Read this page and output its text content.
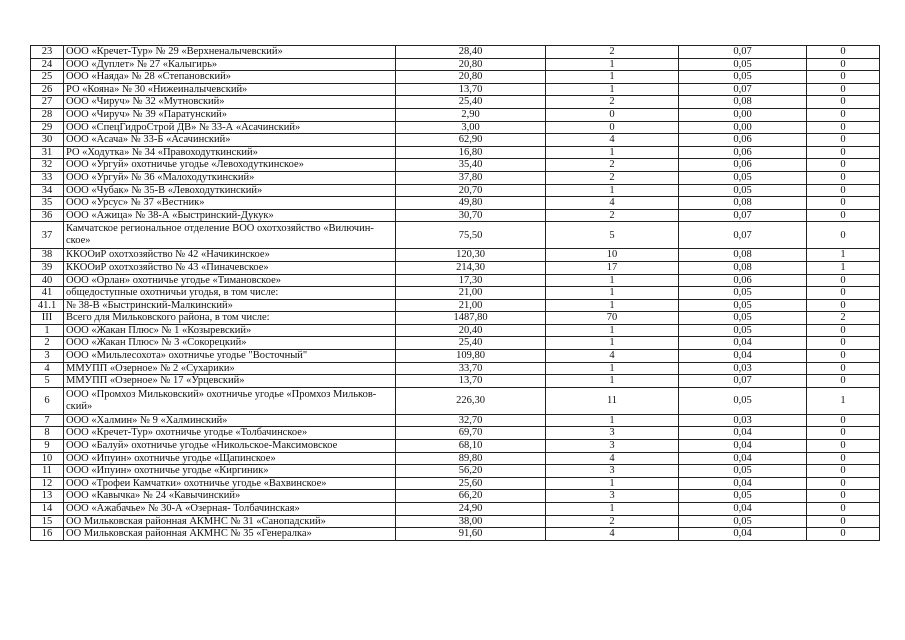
23	ООО «Кречет-Тур» № 29 «Верхненалычевский»	28,40	2	0,07	0
24	ООО «Дуплет» № 27 «Калыгирь»	20,80	1	0,05	0
25	ООО «Наяда» № 28 «Степановский»	20,80	1	0,05	0
26	РО «Кояна» № 30 «Нижеиналычевский»	13,70	1	0,07	0
27	ООО «Чируч» № 32 «Мутновский»	25,40	2	0,08	0
28	ООО «Чируч» № 39 «Паратунский»	2,90	0	0,00	0
29	ООО «СпецГидроСтрой ДВ» № 33-А «Асачинский»	3,00	0	0,00	0
30	ООО «Асача» № 33-Б «Асачинский»	62,90	4	0,06	0
31	РО «Ходутка» № 34 «Правоходуткинский»	16,80	1	0,06	0
32	ООО «Ургуй» охотничье угодье «Левоходуткинское»	35,40	2	0,06	0
33	ООО «Ургуй» № 36 «Малоходуткинский»	37,80	2	0,05	0
34	ООО «Чубак» № 35-В «Левоходуткинский»	20,70	1	0,05	0
35	ООО «Урсус» № 37 «Вестник»	49,80	4	0,08	0
36	ООО «Ажица» № 38-А «Быстринский-Дукук»	30,70	2	0,07	0
37	Камчатское региональное отделение ВОО охотхозяйство «Вилючин-ское»	75,50	5	0,07	0
38	ККООиР охотхозяйство № 42 «Начикинское»	120,30	10	0,08	1
39	ККООиР охотхозяйство № 43 «Пиначевское»	214,30	17	0,08	1
40	ООО «Орлан» охотничье угодье «Тимановское»	17,30	1	0,06	0
41	общедоступные охотничьи угодья, в том числе:	21,00	1	0,05	0
41.1	№ 38-В «Быстринский-Малкинский»	21,00	1	0,05	0
III	Всего для Мильковского района, в том числе:	1487,80	70	0,05	2
1	ООО «Жакан Плюс» № 1 «Козыревский»	20,40	1	0,05	0
2	ООО «Жакан Плюс» № 3 «Сокорецкий»	25,40	1	0,04	0
3	ООО «Мильлесохота» охотничье угодье "Восточный"	109,80	4	0,04	0
4	ММУПП «Озерное» № 2 «Сухарики»	33,70	1	0,03	0
5	ММУПП «Озерное» № 17 «Урцевский»	13,70	1	0,07	0
6	ООО «Промхоз Мильковский» охотничье угодье «Промхоз Мильков-ский»	226,30	11	0,05	1
7	ООО «Халмин» № 9 «Халминский»	32,70	1	0,03	0
8	ООО «Кречет-Тур» охотничье угодье «Толбачинское»	69,70	3	0,04	0
9	ООО «Балуй» охотничье угодье «Никольское-Максимовское	68,10	3	0,04	0
10	ООО «Ипуин» охотничье угодье «Щапинское»	89,80	4	0,04	0
11	ООО «Ипуин» охотничье угодье «Киргиник»	56,20	3	0,05	0
12	ООО «Трофеи Камчатки» охотничье угодье «Вахвинское»	25,60	1	0,04	0
13	ООО «Кавычка» № 24 «Кавычинский»	66,20	3	0,05	0
14	ООО «Ажабачье» № 30-А «Озерная- Толбачинская»	24,90	1	0,04	0
15	ОО Мильковская районная АКМНС № 31 «Санопадский»	38,00	2	0,05	0
16	ОО Мильковская районная АКМНС № 35 «Генералка»	91,60	4	0,04	0
